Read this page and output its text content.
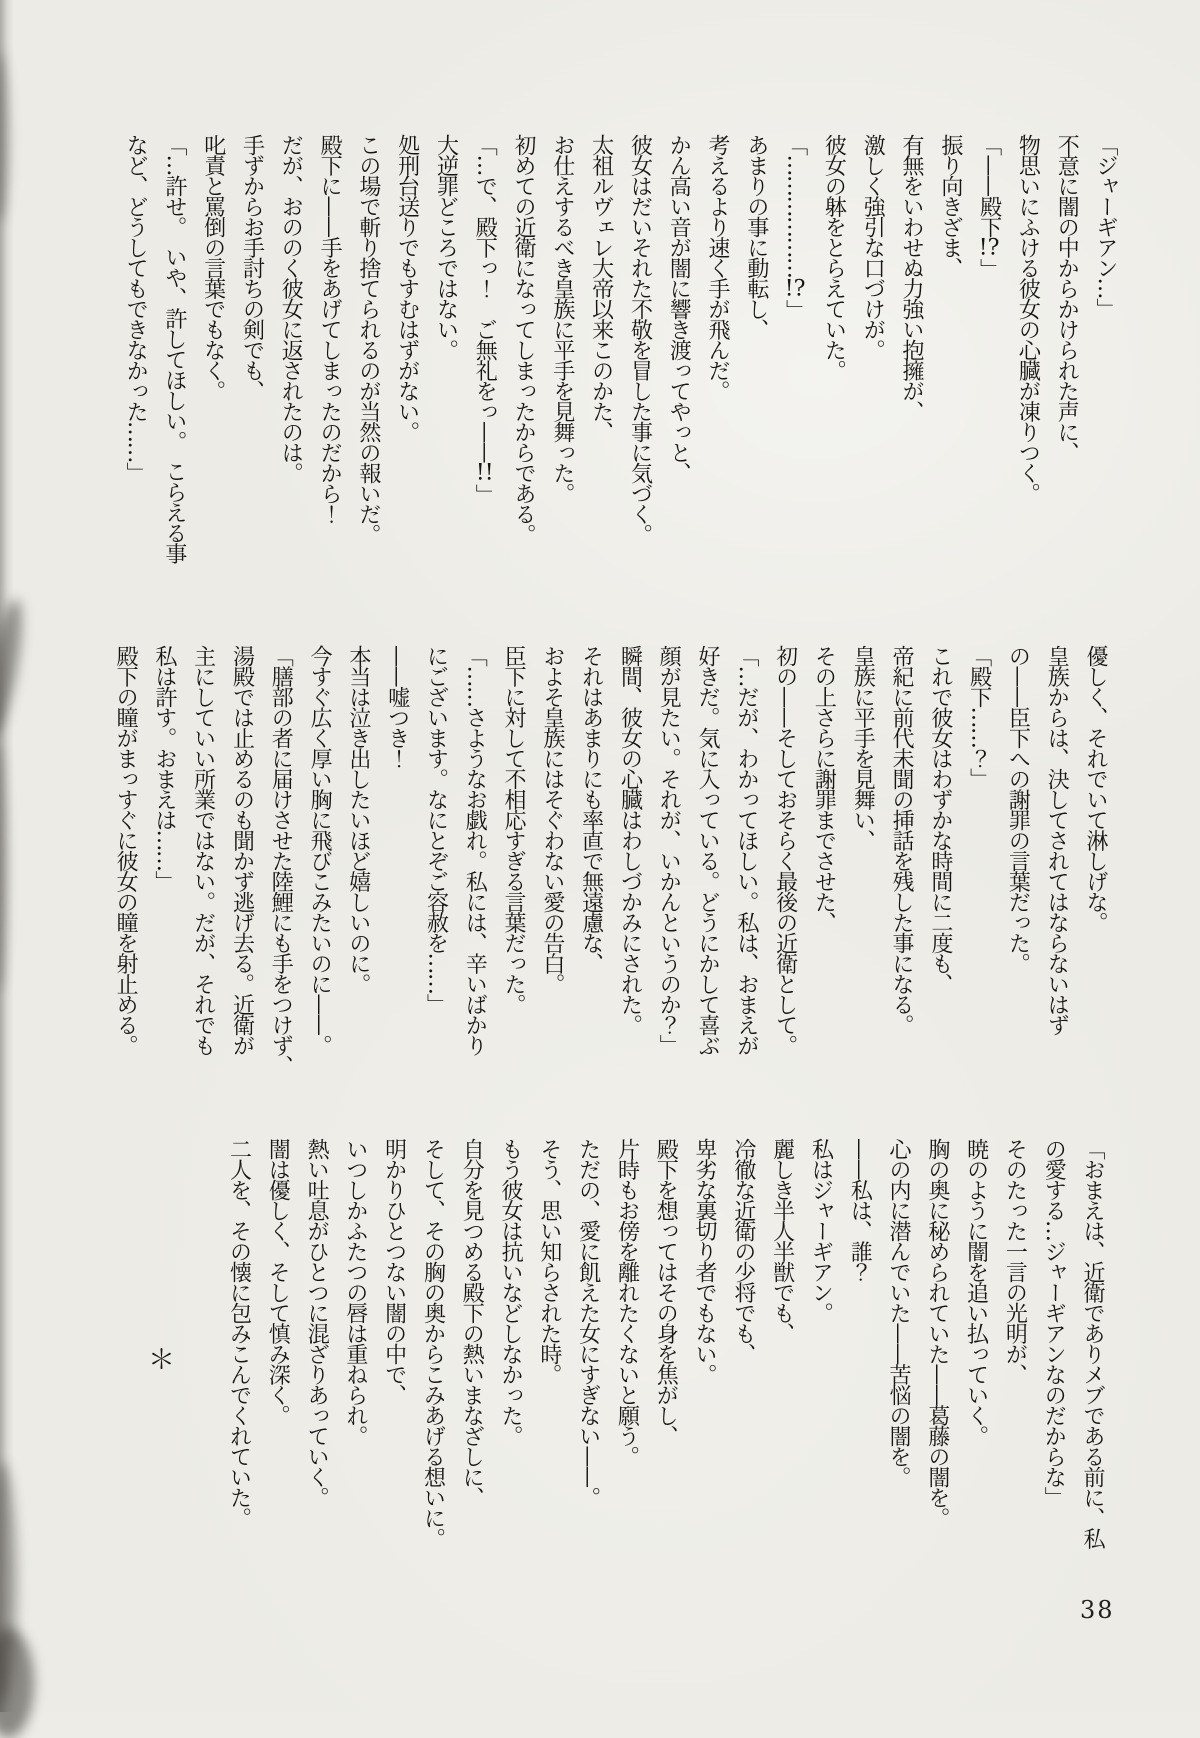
「ジャーギアン…」

不意に闇の中からかけられた声に、

物思いにふける彼女の心臓が凍りつく。

「——殿下!?」

振り向きざま、

有無をいわせぬ力強い抱擁が、

激しく強引な口づけが。

彼女の躰をとらえていた。

「………………!?」

あまりの事に動転し、

考えるより速く手が飛んだ。

かん高い音が闇に響き渡ってやっと、

彼女はだいそれた不敬を冒した事に気づく。

太祖ルヴェレ大帝以来このかた、

お仕えするべき皇族に平手を見舞った。

初めての近衛になってしまったからである。

「…で、殿下っ！　ご無礼をっ——!!」

大逆罪どころではない。

処刑台送りでもすむはずがない。

この場で斬り捨てられるのが当然の報いだ。

殿下に——手をあげてしまったのだから！

だが、おののく彼女に返されたのは。

手ずからお手討ちの剣でも、

叱責と罵倒の言葉でもなく。

「…許せ。　いや、許してほしい。　こらえる事

など、どうしてもできなかった……」

優しく、それでいて淋しげな。

皇族からは、決してされてはならないはず

の——臣下への謝罪の言葉だった。

「殿下……？」

これで彼女はわずかな時間に二度も、

帝紀に前代未聞の挿話を残した事になる。

皇族に平手を見舞い、

その上さらに謝罪までさせた、

初の——そしておそらく最後の近衛として。

「…だが、わかってほしい。私は、おまえが

好きだ。気に入っている。どうにかして喜ぶ

顔が見たい。それが、いかんというのか？」

瞬間、彼女の心臓はわしづかみにされた。

それはあまりにも率直で無遠慮な、

およそ皇族にはそぐわない愛の告白。

臣下に対して不相応すぎる言葉だった。

「……さようなお戯れ。私には、辛いばかり

にございます。なにとぞご容赦を……」

——嘘つき！

本当は泣き出したいほど嬉しいのに。

今すぐ広く厚い胸に飛びこみたいのに——。

「膳部の者に届けさせた陸鯉にも手をつけず、

湯殿では止めるのも聞かず逃げ去る。近衛が

主にしていい所業ではない。だが、それでも

私は許す。おまえは……」

殿下の瞳がまっすぐに彼女の瞳を射止める。

「おまえは、近衛でありメブである前に、私

の愛する…ジャーギアンなのだからな」

そのたった一言の光明が、

暁のように闇を追い払っていく。

胸の奥に秘められていた——葛藤の闇を。

心の内に潜んでいた——苦悩の闇を。

——私は、誰？

私はジャーギアン。

麗しき半人半獣でも、

冷徹な近衛の少将でも、

卑劣な裏切り者でもない。

殿下を想ってはその身を焦がし、

片時もお傍を離れたくないと願う。

ただの、愛に飢えた女にすぎない——。

そう、思い知らされた時。

もう彼女は抗いなどしなかった。

自分を見つめる殿下の熱いまなざしに、

そして、その胸の奥からこみあげる想いに。

明かりひとつない闇の中で、

いつしかふたつの唇は重ねられ。

熱い吐息がひとつに混ざりあっていく。

闇は優しく、そして慎み深く。

二人を、その懐に包みこんでくれていた。

＊
38
